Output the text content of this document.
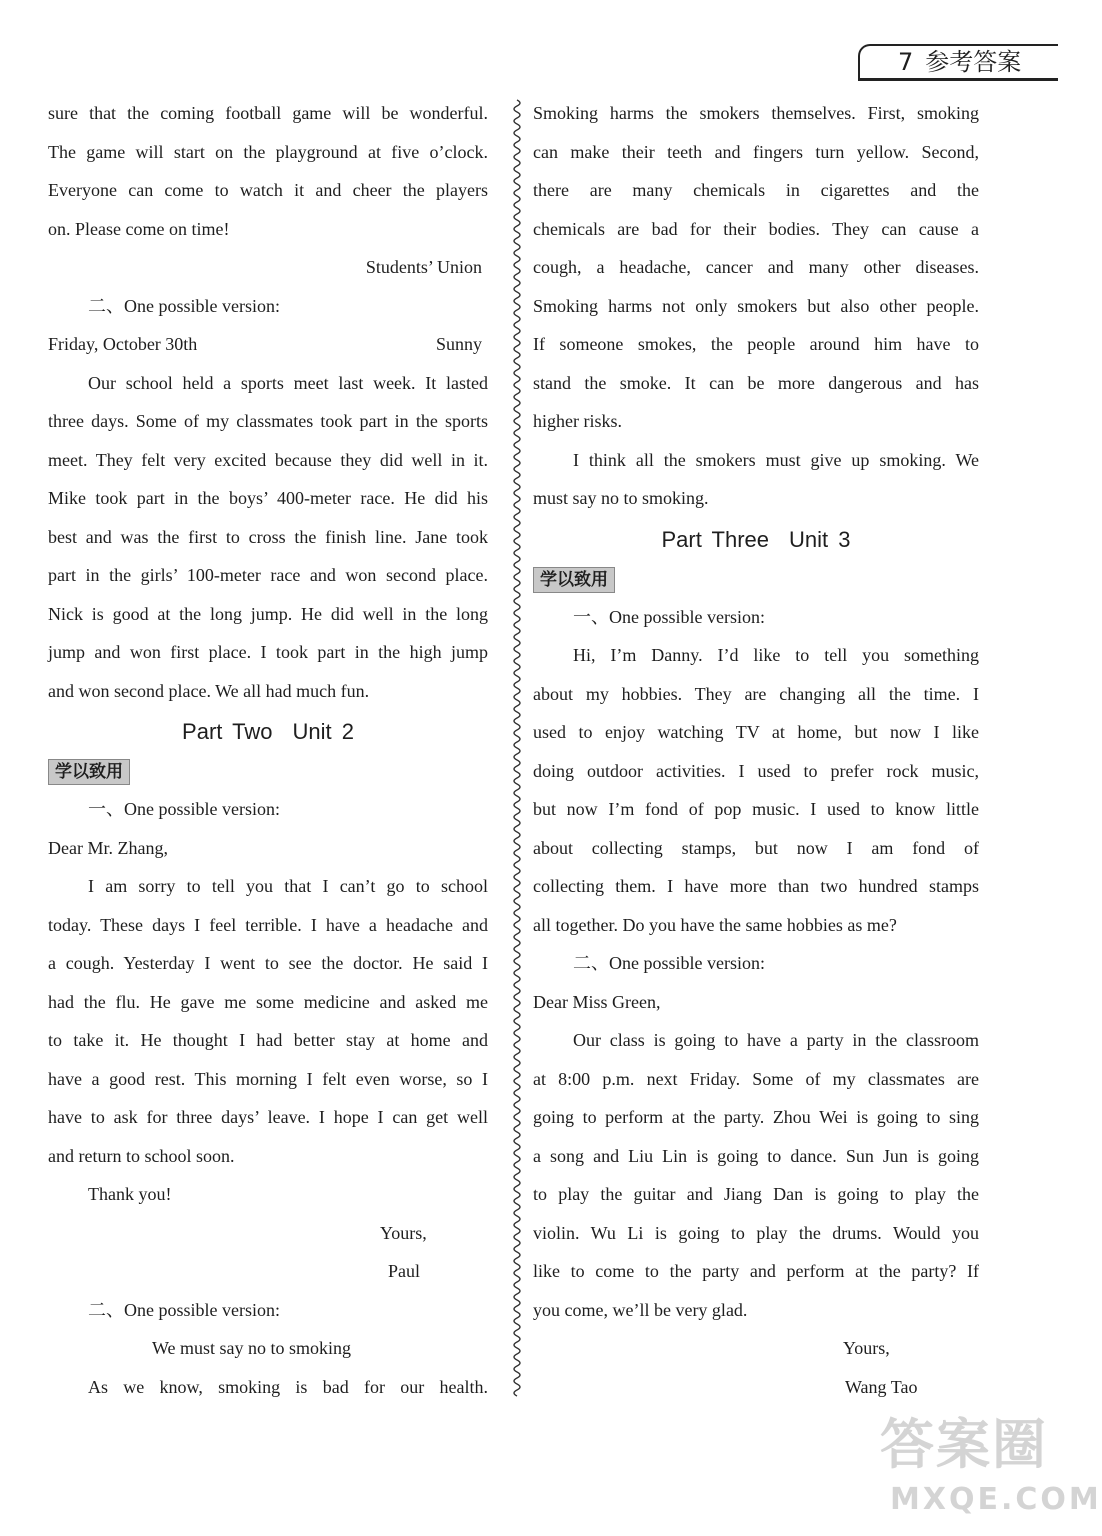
7 参考答案
sure that the coming football game will be wonderful.
The game will start on the playground at five o’clock.
Everyone can come to watch it and cheer the players
on. Please come on time!
Students’ Union
二、One possible version:
Friday, October 30th	Sunny
Our school held a sports meet last week. It lasted
three days. Some of my classmates took part in the sports
meet. They felt very excited because they did well in it.
Mike took part in the boys’ 400-meter race. He did his
best and was the first to cross the finish line. Jane took
part in the girls’ 100-meter race and won second place.
Nick is good at the long jump. He did well in the long
jump and won first place. I took part in the high jump
and won second place. We all had much fun.
Part Two Unit 2
学以致用
一、One possible version:
Dear Mr. Zhang,
I am sorry to tell you that I can’t go to school
today. These days I feel terrible. I have a headache and
a cough. Yesterday I went to see the doctor. He said I
had the flu. He gave me some medicine and asked me
to take it. He thought I had better stay at home and
have a good rest. This morning I felt even worse, so I
have to ask for three days’ leave. I hope I can get well
and return to school soon.
Thank you!
Yours,
Paul
二、One possible version:
We must say no to smoking
As we know, smoking is bad for our health.
Smoking harms the smokers themselves. First, smoking
can make their teeth and fingers turn yellow. Second,
there are many chemicals in cigarettes and the
chemicals are bad for their bodies. They can cause a
cough, a headache, cancer and many other diseases.
Smoking harms not only smokers but also other people.
If someone smokes, the people around him have to
stand the smoke. It can be more dangerous and has
higher risks.
I think all the smokers must give up smoking. We
must say no to smoking.
Part Three Unit 3
学以致用
一、One possible version:
Hi, I’m Danny. I’d like to tell you something
about my hobbies. They are changing all the time. I
used to enjoy watching TV at home, but now I like
doing outdoor activities. I used to prefer rock music,
but now I’m fond of pop music. I used to know little
about collecting stamps, but now I am fond of
collecting them. I have more than two hundred stamps
all together. Do you have the same hobbies as me?
二、One possible version:
Dear Miss Green,
Our class is going to have a party in the classroom
at 8:00 p.m. next Friday. Some of my classmates are
going to perform at the party. Zhou Wei is going to sing
a song and Liu Lin is going to dance. Sun Jun is going
to play the guitar and Jiang Dan is going to play the
violin. Wu Li is going to play the drums. Would you
like to come to the party and perform at the party? If
you come, we’ll be very glad.
Yours,
Wang Tao
答案圈
MXQE.COM
